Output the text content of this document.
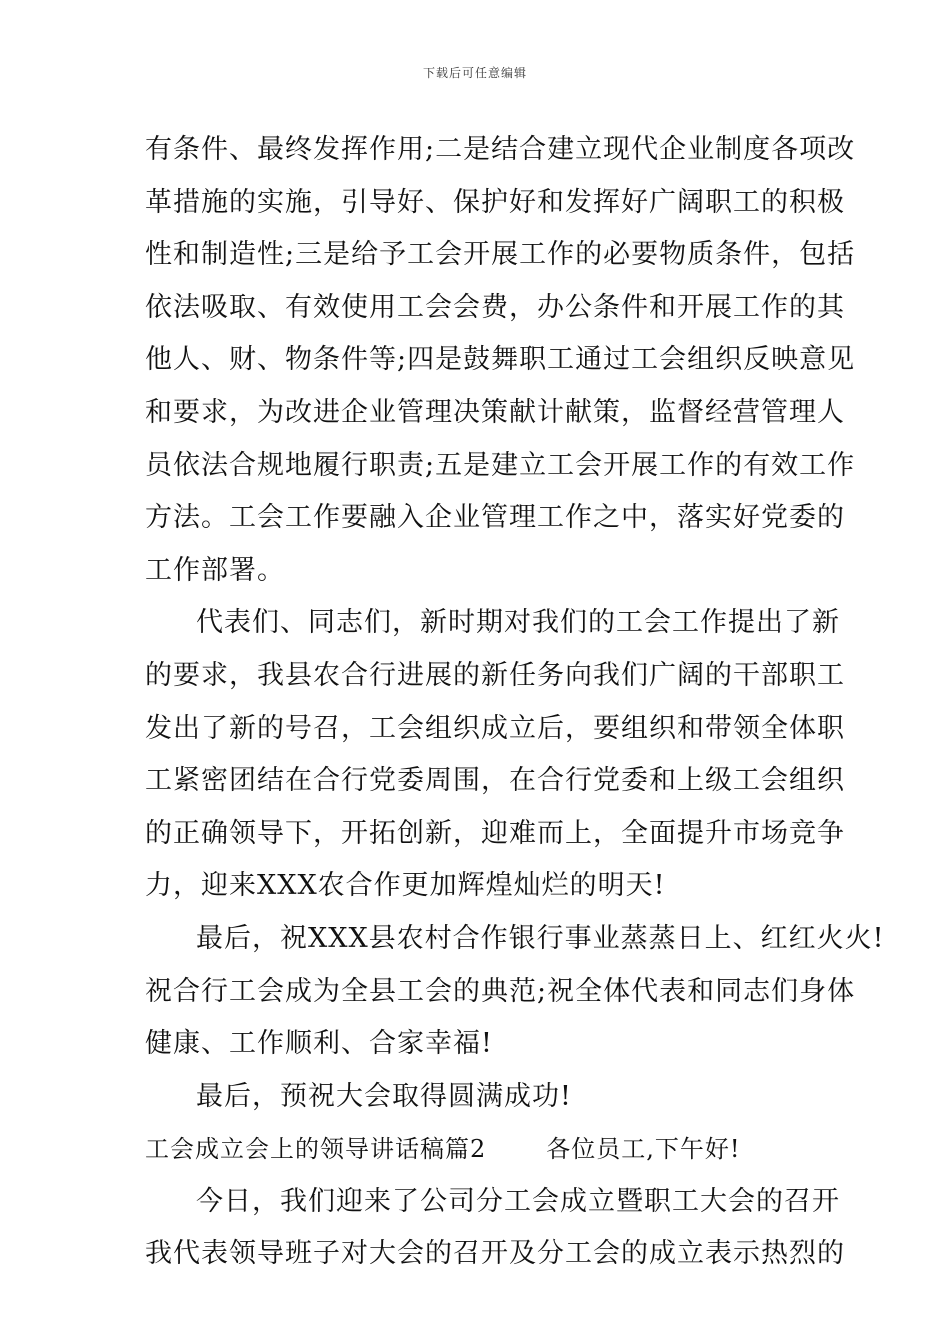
下载后可任意编辑
有条件、最终发挥作用;二是结合建立现代企业制度各项改
革措施的实施，引导好、保护好和发挥好广阔职工的积极
性和制造性;三是给予工会开展工作的必要物质条件，包括
依法吸取、有效使用工会会费，办公条件和开展工作的其
他人、财、物条件等;四是鼓舞职工通过工会组织反映意见
和要求，为改进企业管理决策献计献策，监督经营管理人
员依法合规地履行职责;五是建立工会开展工作的有效工作
方法。工会工作要融入企业管理工作之中，落实好党委的
工作部署。
代表们、同志们，新时期对我们的工会工作提出了新
的要求，我县农合行进展的新任务向我们广阔的干部职工
发出了新的号召，工会组织成立后，要组织和带领全体职
工紧密团结在合行党委周围，在合行党委和上级工会组织
的正确领导下，开拓创新，迎难而上，全面提升市场竞争
力，迎来XXX农合作更加辉煌灿烂的明天!
最后，祝XXX县农村合作银行事业蒸蒸日上、红红火火!
祝合行工会成为全县工会的典范;祝全体代表和同志们身体
健康、工作顺利、合家幸福!
最后，预祝大会取得圆满成功!
工会成立会上的领导讲话稿篇2	各位员工,下午好!
今日，我们迎来了公司分工会成立暨职工大会的召开
我代表领导班子对大会的召开及分工会的成立表示热烈的
